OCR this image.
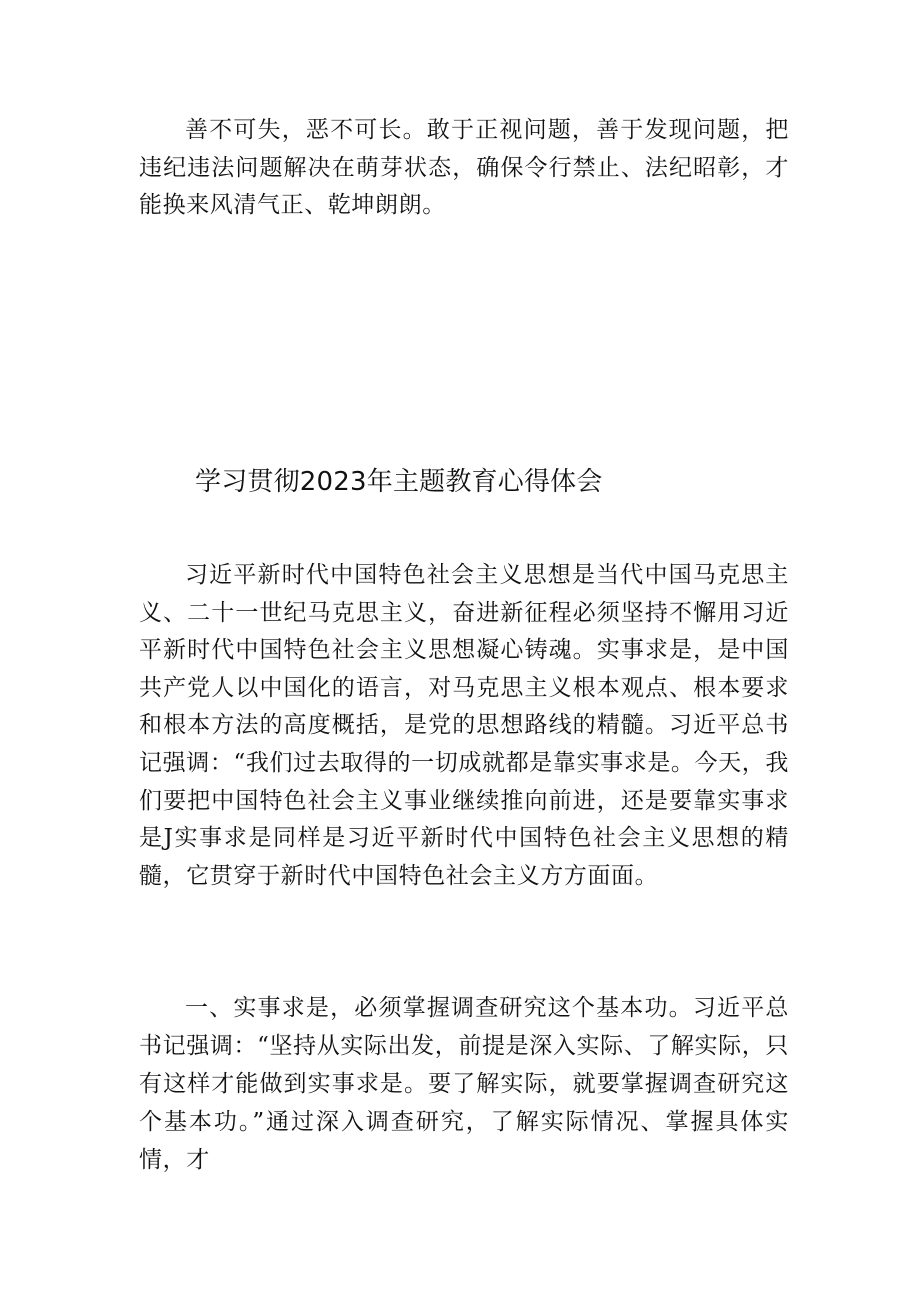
善不可失，恶不可长。敢于正视问题，善于发现问题，把违纪违法问题解决在萌芽状态，确保令行禁止、法纪昭彰，才能换来风清气正、乾坤朗朗。

学习贯彻2023年主题教育心得体会

习近平新时代中国特色社会主义思想是当代中国马克思主义、二十一世纪马克思主义，奋进新征程必须坚持不懈用习近平新时代中国特色社会主义思想凝心铸魂。实事求是，是中国共产党人以中国化的语言，对马克思主义根本观点、根本要求和根本方法的高度概括，是党的思想路线的精髓。习近平总书记强调：“我们过去取得的一切成就都是靠实事求是。今天，我们要把中国特色社会主义事业继续推向前进，还是要靠实事求是J实事求是同样是习近平新时代中国特色社会主义思想的精髓，它贯穿于新时代中国特色社会主义方方面面。

一、实事求是，必须掌握调查研究这个基本功。习近平总书记强调：“坚持从实际出发，前提是深入实际、了解实际，只有这样才能做到实事求是。要了解实际，就要掌握调查研究这个基本功。”通过深入调查研究，了解实际情况、掌握具体实情，才
